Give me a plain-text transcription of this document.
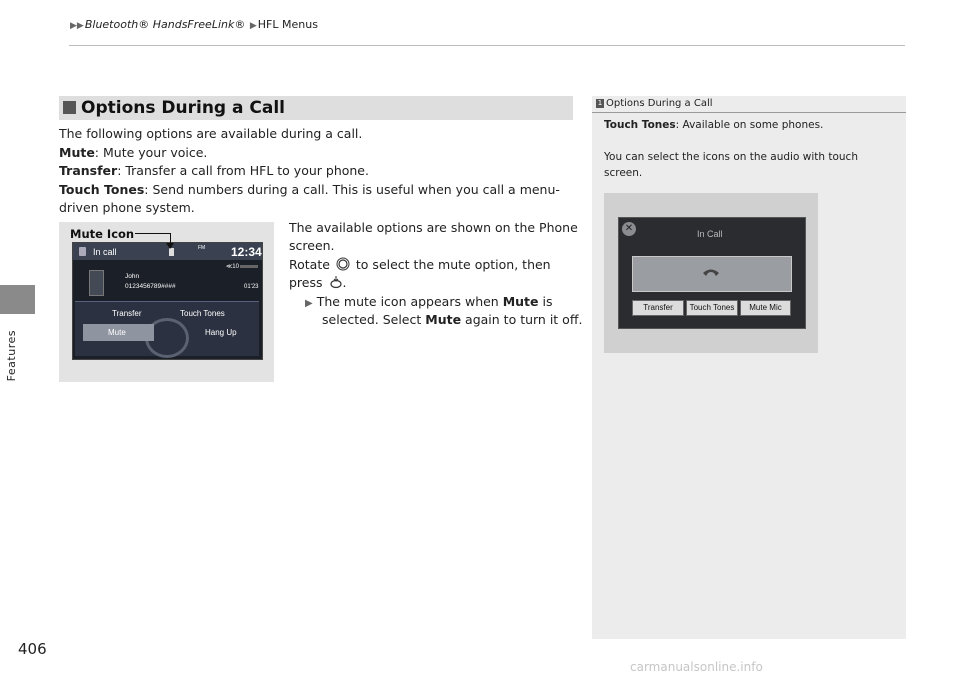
▶▶Bluetooth® HandsFreeLink® ▶HFL Menus
Features
406
Options During a Call
The following options are available during a call.
Mute: Mute your voice.
Transfer: Transfer a call from HFL to your phone.
Touch Tones: Send numbers during a call. This is useful when you call a menu-
driven phone system.
The available options are shown on the Phone
screen.
Rotate to select the mute option, then
press .
▶ The mute icon appears when Mute is
selected. Select Mute again to turn it off.
In call	FM 12:34
≪10
John
0123456789####	01'23
Transfer	Touch Tones
Mute	Hang Up
Mute Icon
1 Options During a Call
Touch Tones: Available on some phones.
You can select the icons on the audio with touch
screen.
✕	In Call
Transfer	Touch Tones	Mute Mic
carmanualsonline.info
